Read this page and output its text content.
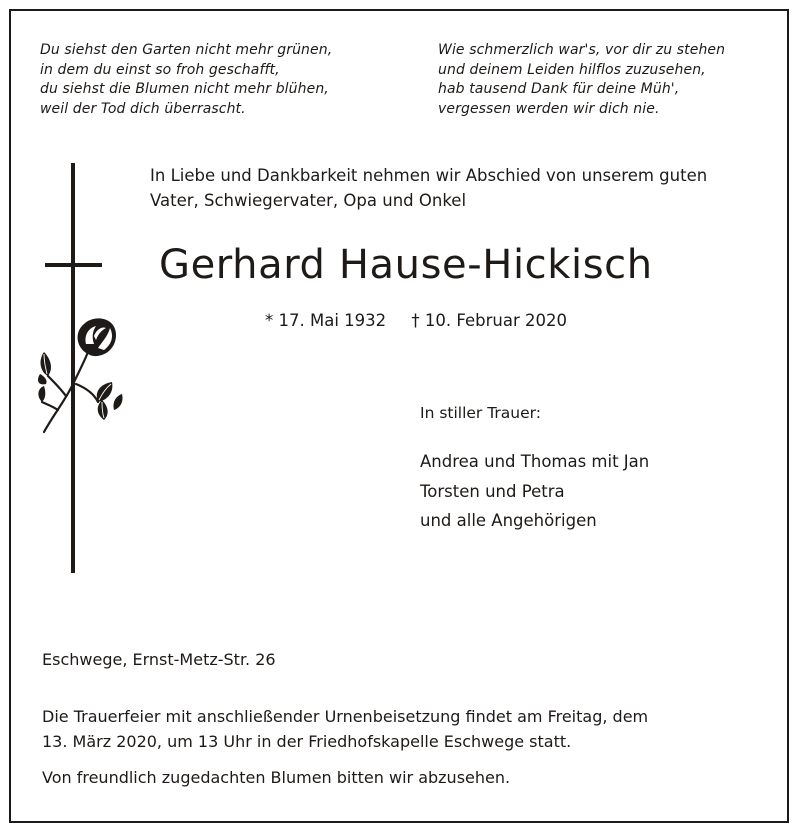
Du siehst den Garten nicht mehr grünen,
in dem du einst so froh geschafft,
du siehst die Blumen nicht mehr blühen,
weil der Tod dich überrascht.
Wie schmerzlich war's, vor dir zu stehen
und deinem Leiden hilflos zuzusehen,
hab tausend Dank für deine Müh',
vergessen werden wir dich nie.
In Liebe und Dankbarkeit nehmen wir Abschied von unserem guten
Vater, Schwiegervater, Opa und Onkel
Gerhard Hause-Hickisch
* 17. Mai 1932 † 10. Februar 2020
In stiller Trauer:
Andrea und Thomas mit Jan
Torsten und Petra
und alle Angehörigen
Eschwege, Ernst-Metz-Str. 26
Die Trauerfeier mit anschließender Urnenbeisetzung findet am Freitag, dem
13. März 2020, um 13 Uhr in der Friedhofskapelle Eschwege statt.
Von freundlich zugedachten Blumen bitten wir abzusehen.
